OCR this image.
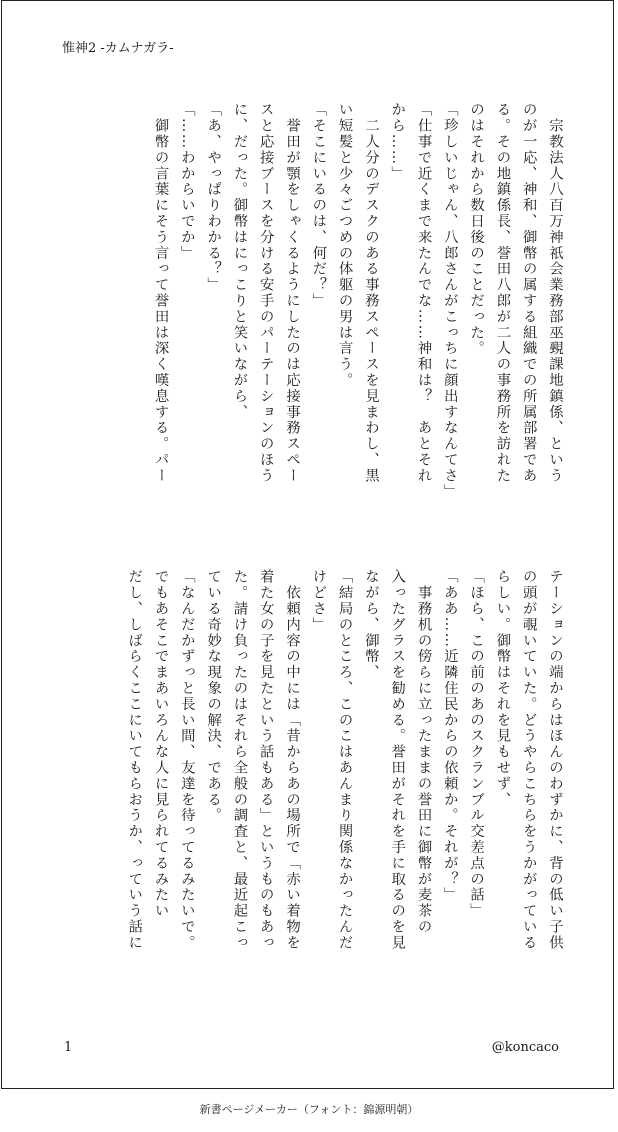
惟神2 -カムナガラ-
　宗教法人八百万神祇会業務部巫覡課地鎮係、という
のが一応、神和、御幣の属する組織での所属部署であ
る。その地鎮係長、誉田八郎が二人の事務所を訪れた
のはそれから数日後のことだった。
「珍しいじゃん、八郎さんがこっちに顔出すなんてさ」
「仕事で近くまで来たんでな……神和は？　あとそれ
から……」
　二人分のデスクのある事務スペースを見まわし、黒
い短髪と少々ごつめの体躯の男は言う。
「そこにいるのは、何だ？」
　誉田が顎をしゃくるようにしたのは応接事務スペー
スと応接ブースを分ける安手のパーテーションのほう
に、だった。御幣はにっこりと笑いながら、
「あ、やっぱりわかる？」
「……わからいでか」
　御幣の言葉にそう言って誉田は深く嘆息する。パー
テーションの端からはほんのわずかに、背の低い子供
の頭が覗いていた。どうやらこちらをうかがっている
らしい。御幣はそれを見もせず、
「ほら、この前のあのスクランブル交差点の話」
「ああ……近隣住民からの依頼か。それが？」
　事務机の傍らに立ったままの誉田に御幣が麦茶の
入ったグラスを勧める。誉田がそれを手に取るのを見
ながら、御幣、
「結局のところ、このこはあんまり関係なかったんだ
けどさ」
　依頼内容の中には「昔からあの場所で「赤い着物を
着た女の子を見たという話もある」というものもあっ
た。請け負ったのはそれら全般の調査と、最近起こっ
ている奇妙な現象の解決、である。
「なんだかずっと長い間、友達を待ってるみたいで。
でもあそこでまあいろんな人に見られてるみたい
だし、しばらくここにいてもらおうか、っていう話に
1	@koncaco
新書ページメーカー（フォント：錦源明朝）
